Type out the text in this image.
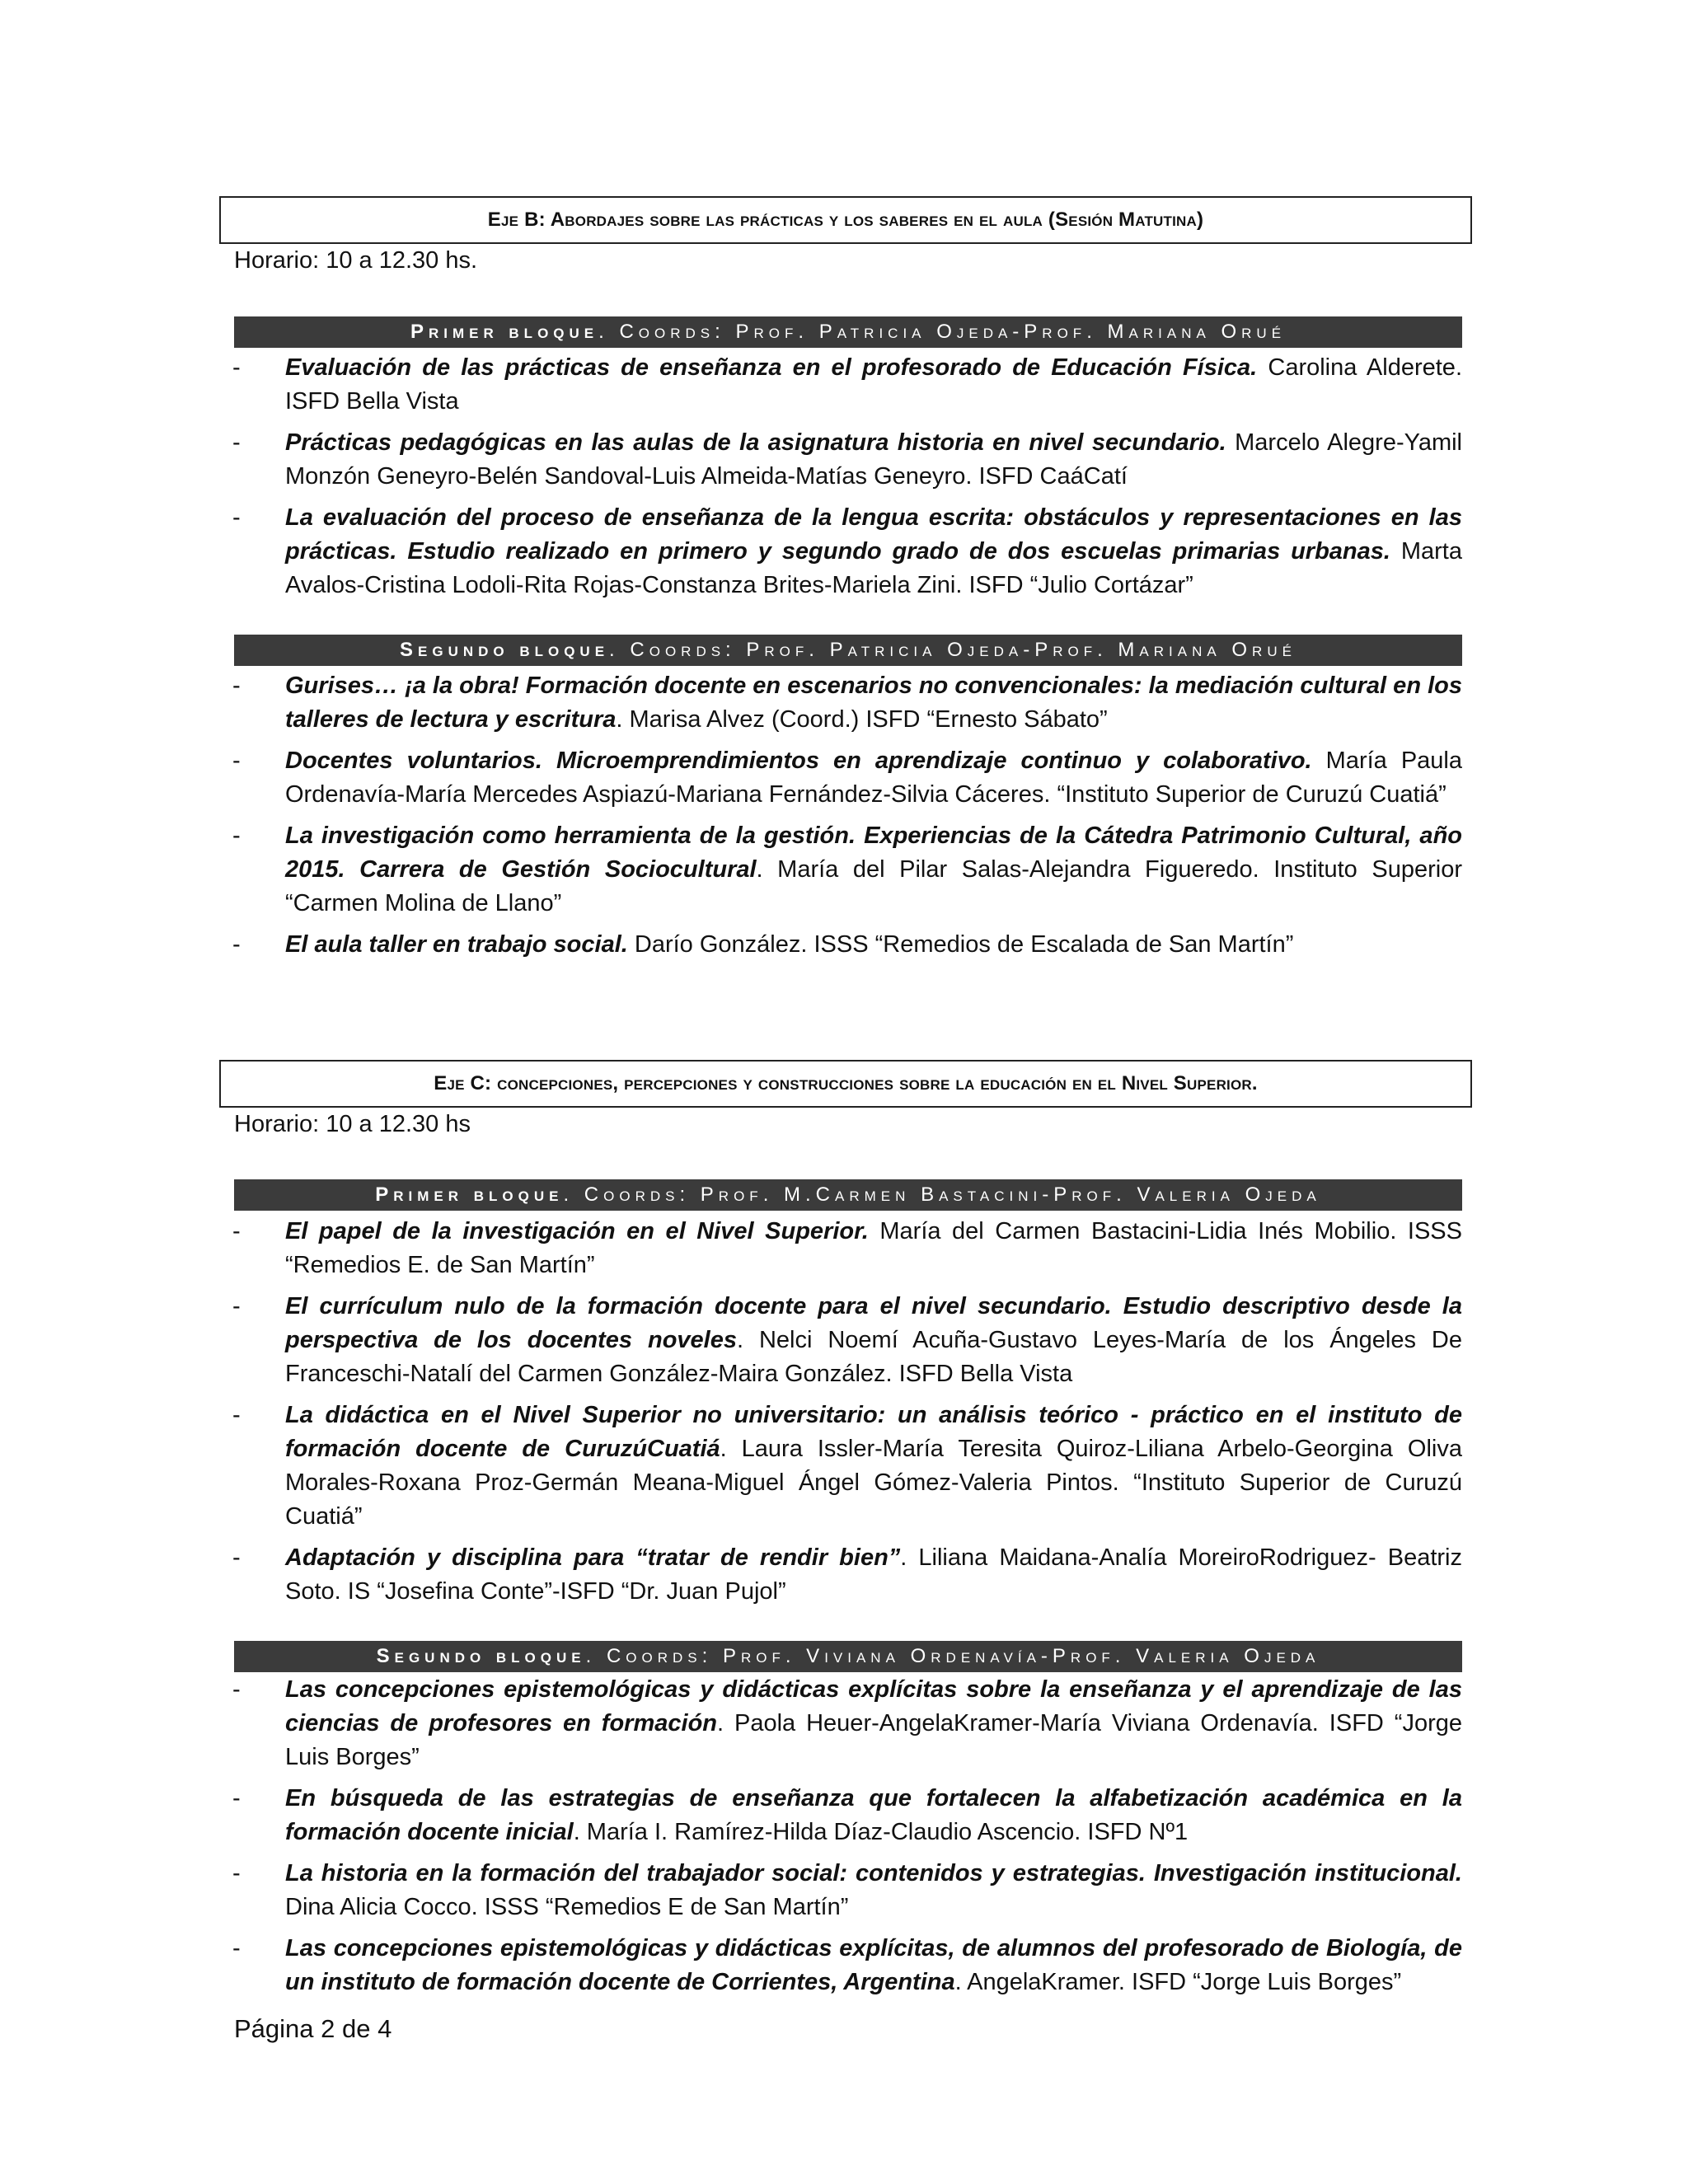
Eje B: Abordajes sobre las prácticas y los saberes en el aula (Sesión Matutina)
Horario: 10 a 12.30 hs.
Primer bloque . Coords: Prof. Patricia Ojeda-Prof. Mariana Orué
- Evaluación de las prácticas de enseñanza en el profesorado de Educación Física. Carolina Alderete. ISFD Bella Vista
- Prácticas pedagógicas en las aulas de la asignatura historia en nivel secundario. Marcelo Alegre-Yamil Monzón Geneyro-Belén Sandoval-Luis Almeida-Matías Geneyro. ISFD CaáCatí
- La evaluación del proceso de enseñanza de la lengua escrita: obstáculos y representaciones en las prácticas. Estudio realizado en primero y segundo grado de dos escuelas primarias urbanas. Marta Avalos-Cristina Lodoli-Rita Rojas-Constanza Brites-Mariela Zini. ISFD “Julio Cortázar”
Segundo bloque . Coords: Prof. Patricia Ojeda-Prof. Mariana Orué
- Gurises… ¡a la obra! Formación docente en escenarios no convencionales: la mediación cultural en los talleres de lectura y escritura. Marisa Alvez (Coord.) ISFD “Ernesto Sábato”
- Docentes voluntarios. Microemprendimientos en aprendizaje continuo y colaborativo. María Paula Ordenavía-María Mercedes Aspiazú-Mariana Fernández-Silvia Cáceres. “Instituto Superior de Curuzú Cuatiá”
- La investigación como herramienta de la gestión. Experiencias de la Cátedra Patrimonio Cultural, año 2015. Carrera de Gestión Sociocultural. María del Pilar Salas-Alejandra Figueredo. Instituto Superior “Carmen Molina de Llano”
- El aula taller en trabajo social. Darío González. ISSS “Remedios de Escalada de San Martín”
Eje C: concepciones, percepciones y construcciones sobre la educación en el Nivel Superior.
Horario: 10 a 12.30 hs
Primer bloque . Coords: Prof. M.Carmen Bastacini-Prof. Valeria Ojeda
- El papel de la investigación en el Nivel Superior. María del Carmen Bastacini-Lidia Inés Mobilio. ISSS “Remedios E. de San Martín”
- El currículum nulo de la formación docente para el nivel secundario. Estudio descriptivo desde la perspectiva de los docentes noveles. Nelci Noemí Acuña-Gustavo Leyes-María de los Ángeles De Franceschi-Natalí del Carmen González-Maira González. ISFD Bella Vista
- La didáctica en el Nivel Superior no universitario: un análisis teórico - práctico en el instituto de formación docente de CuruzúCuatiá. Laura Issler-María Teresita Quiroz-Liliana Arbelo-Georgina Oliva Morales-Roxana Proz-Germán Meana-Miguel Ángel Gómez-Valeria Pintos. “Instituto Superior de Curuzú Cuatiá”
- Adaptación y disciplina para “tratar de rendir bien”. Liliana Maidana-Analía MoreiroRodriguez- Beatriz Soto. IS “Josefina Conte”-ISFD “Dr. Juan Pujol”
Segundo bloque . Coords: Prof. Viviana Ordenavía-Prof. Valeria Ojeda
- Las concepciones epistemológicas y didácticas explícitas sobre la enseñanza y el aprendizaje de las ciencias de profesores en formación. Paola Heuer-AngelaKramer-María Viviana Ordenavía. ISFD “Jorge Luis Borges”
- En búsqueda de las estrategias de enseñanza que fortalecen la alfabetización académica en la formación docente inicial. María I. Ramírez-Hilda Díaz-Claudio Ascencio. ISFD Nº1
- La historia en la formación del trabajador social: contenidos y estrategias. Investigación institucional. Dina Alicia Cocco. ISSS “Remedios E de San Martín”
- Las concepciones epistemológicas y didácticas explícitas, de alumnos del profesorado de Biología, de un instituto de formación docente de Corrientes, Argentina. AngelaKramer. ISFD “Jorge Luis Borges”
Página 2 de 4
